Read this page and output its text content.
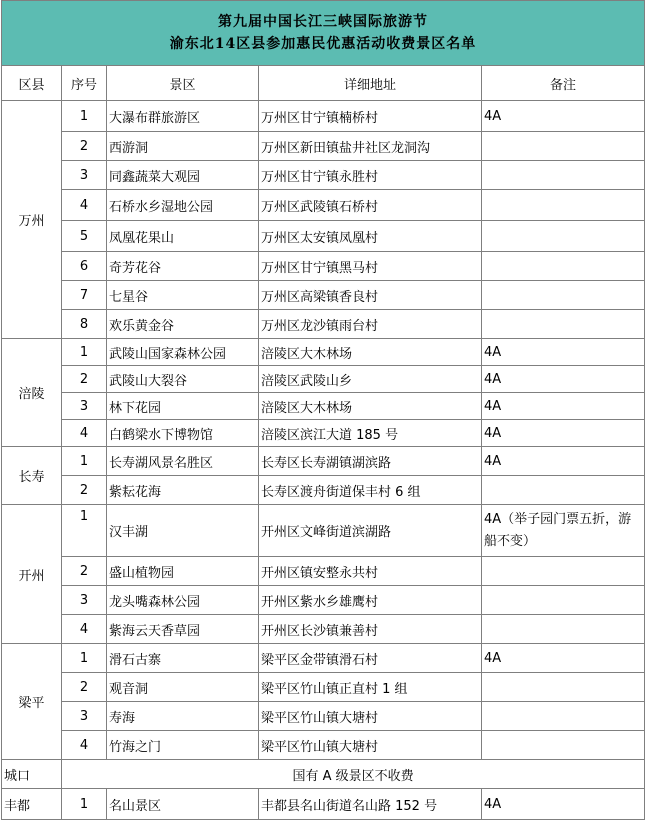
第九届中国长江三峡国际旅游节
渝东北14区县参加惠民优惠活动收费景区名单				

区县	序号	景区	详细地址	备注
万州	1	大瀑布群旅游区	万州区甘宁镇楠桥村	4A
	2	西游洞	万州区新田镇盐井社区龙洞沟	
	3	同鑫蔬菜大观园	万州区甘宁镇永胜村	
	4	石桥水乡湿地公园	万州区武陵镇石桥村	
	5	凤凰花果山	万州区太安镇凤凰村	
	6	奇芳花谷	万州区甘宁镇黑马村	
	7	七星谷	万州区高梁镇香良村	
	8	欢乐黄金谷	万州区龙沙镇雨台村	
涪陵	1	武陵山国家森林公园	涪陵区大木林场	4A
	2	武陵山大裂谷	涪陵区武陵山乡	4A
	3	林下花园	涪陵区大木林场	4A
	4	白鹤梁水下博物馆	涪陵区滨江大道 185 号	4A
长寿	1	长寿湖风景名胜区	长寿区长寿湖镇湖滨路	4A
	2	紫耘花海	长寿区渡舟街道保丰村 6 组	
开州	1	汉丰湖	开州区文峰街道滨湖路	4A（举子园门票五折，游船不变）
	2	盛山植物园	开州区镇安整永共村	
	3	龙头嘴森林公园	开州区紫水乡雄鹰村	
	4	紫海云天香草园	开州区长沙镇兼善村	
梁平	1	滑石古寨	梁平区金带镇滑石村	4A
	2	观音洞	梁平区竹山镇正直村 1 组	
	3	寿海	梁平区竹山镇大塘村	
	4	竹海之门	梁平区竹山镇大塘村	
城口	国有 A 级景区不收费			
丰都	1	名山景区	丰都县名山街道名山路 152 号	4A
